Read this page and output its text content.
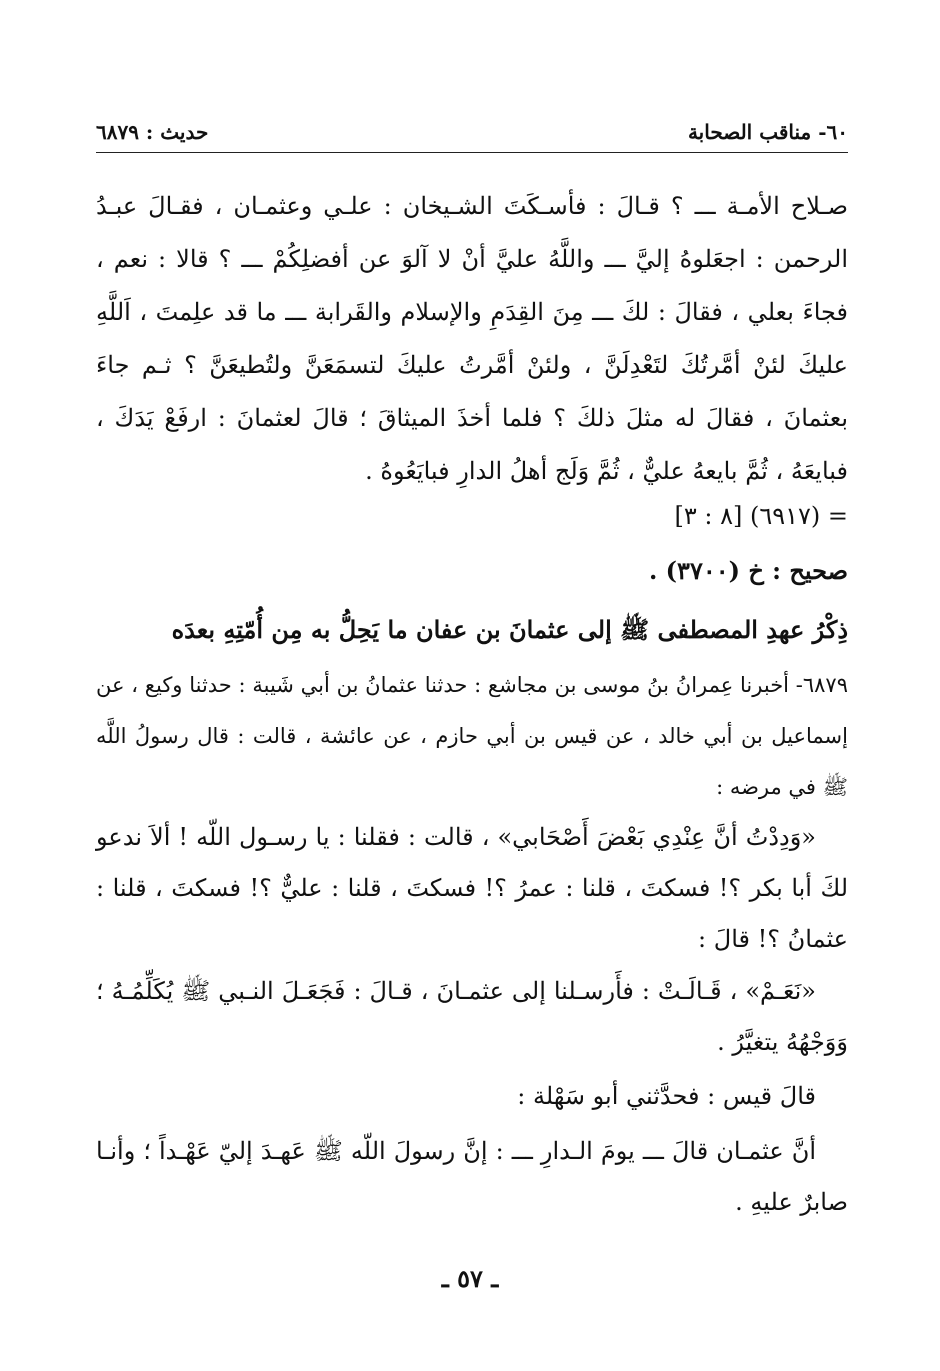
٦٠- مناقب الصحابة
حديث : ٦٨٧٩
صـلاح الأمـة ـــ ؟ قـالَ : فأسـكَتَ الشـيخان : علـي وعثمـان ، فقـالَ عبـدُ الرحمن : اجعَلوهُ إليَّ ـــ واللَّهُ عليَّ أنْ لا آلوَ عن أفضلِكُمْ ـــ ؟ قالا : نعم ، فجاءَ بعلي ، فقالَ : لكَ ـــ مِنَ القِدَمِ والإسلام والقَرابة ـــ ما قد علِمتَ ، اَللَّهِ عليكَ لئنْ أمَّرتُكَ لتَعْدِلَنَّ ، ولئنْ أمَّرتُ عليكَ لتسمَعَنَّ ولتُطيعَنَّ ؟ ثـم جاءَ بعثمانَ ، فقالَ له مثلَ ذلكَ ؟ فلما أخذَ الميثاقَ ؛ قالَ لعثمانَ : ارفَعْ يَدَكَ ، فبايعَهُ ، ثُمَّ بايعهُ عليٌّ ، ثُمَّ وَلَج أهلُ الدارِ فبايَعُوهُ .
= (٦٩١٧) [٨ : ٣]
صحيح : خ (٣٧٠٠) .
ذِكْرُ عهدِ المصطفى ﷺ إلى عثمانَ بن عفان ما يَحِلُّ به مِن أُمّتِهِ بعدَه
٦٨٧٩- أخبرنا عِمرانُ بنُ موسى بن مجاشع : حدثنا عثمانُ بن أبي شَيبة : حدثنا وكيع ، عن إسماعيل بن أبي خالد ، عن قيس بن أبي حازم ، عن عائشة ، قالت : قال رسولُ اللَّه ﷺ في مرضه :
«وَدِدْتُ أنَّ عِنْدِي بَعْضَ أَصْحَابي» ، قالت : فقلنا : يا رسـول اللّه ! ألاَ ندعو لكَ أبا بكر ؟! فسكتَ ، قلنا : عمرُ ؟! فسكتَ ، قلنا : عليٌّ ؟! فسكتَ ، قلنا : عثمانُ ؟! قالَ :
«نَعَـمْ» ، قَـالَـتْ : فأَرسـلنا إلى عثمـانَ ، قـالَ : فَجَعَـلَ النـبي ﷺ يُكَلِّمُـهُ ؛ وَوَجْهُهُ يتغيَّرُ .
قالَ قيس : فحدَّثني أبو سَهْلة :
أنَّ عثمـان قالَ ـــ يومَ الـدارِ ـــ : إنَّ رسولَ اللّه ﷺ عَهـدَ إليّ عَهْـداً ؛ وأنـا صابرٌ عليهِ .
ـ ٥٧ ـ
